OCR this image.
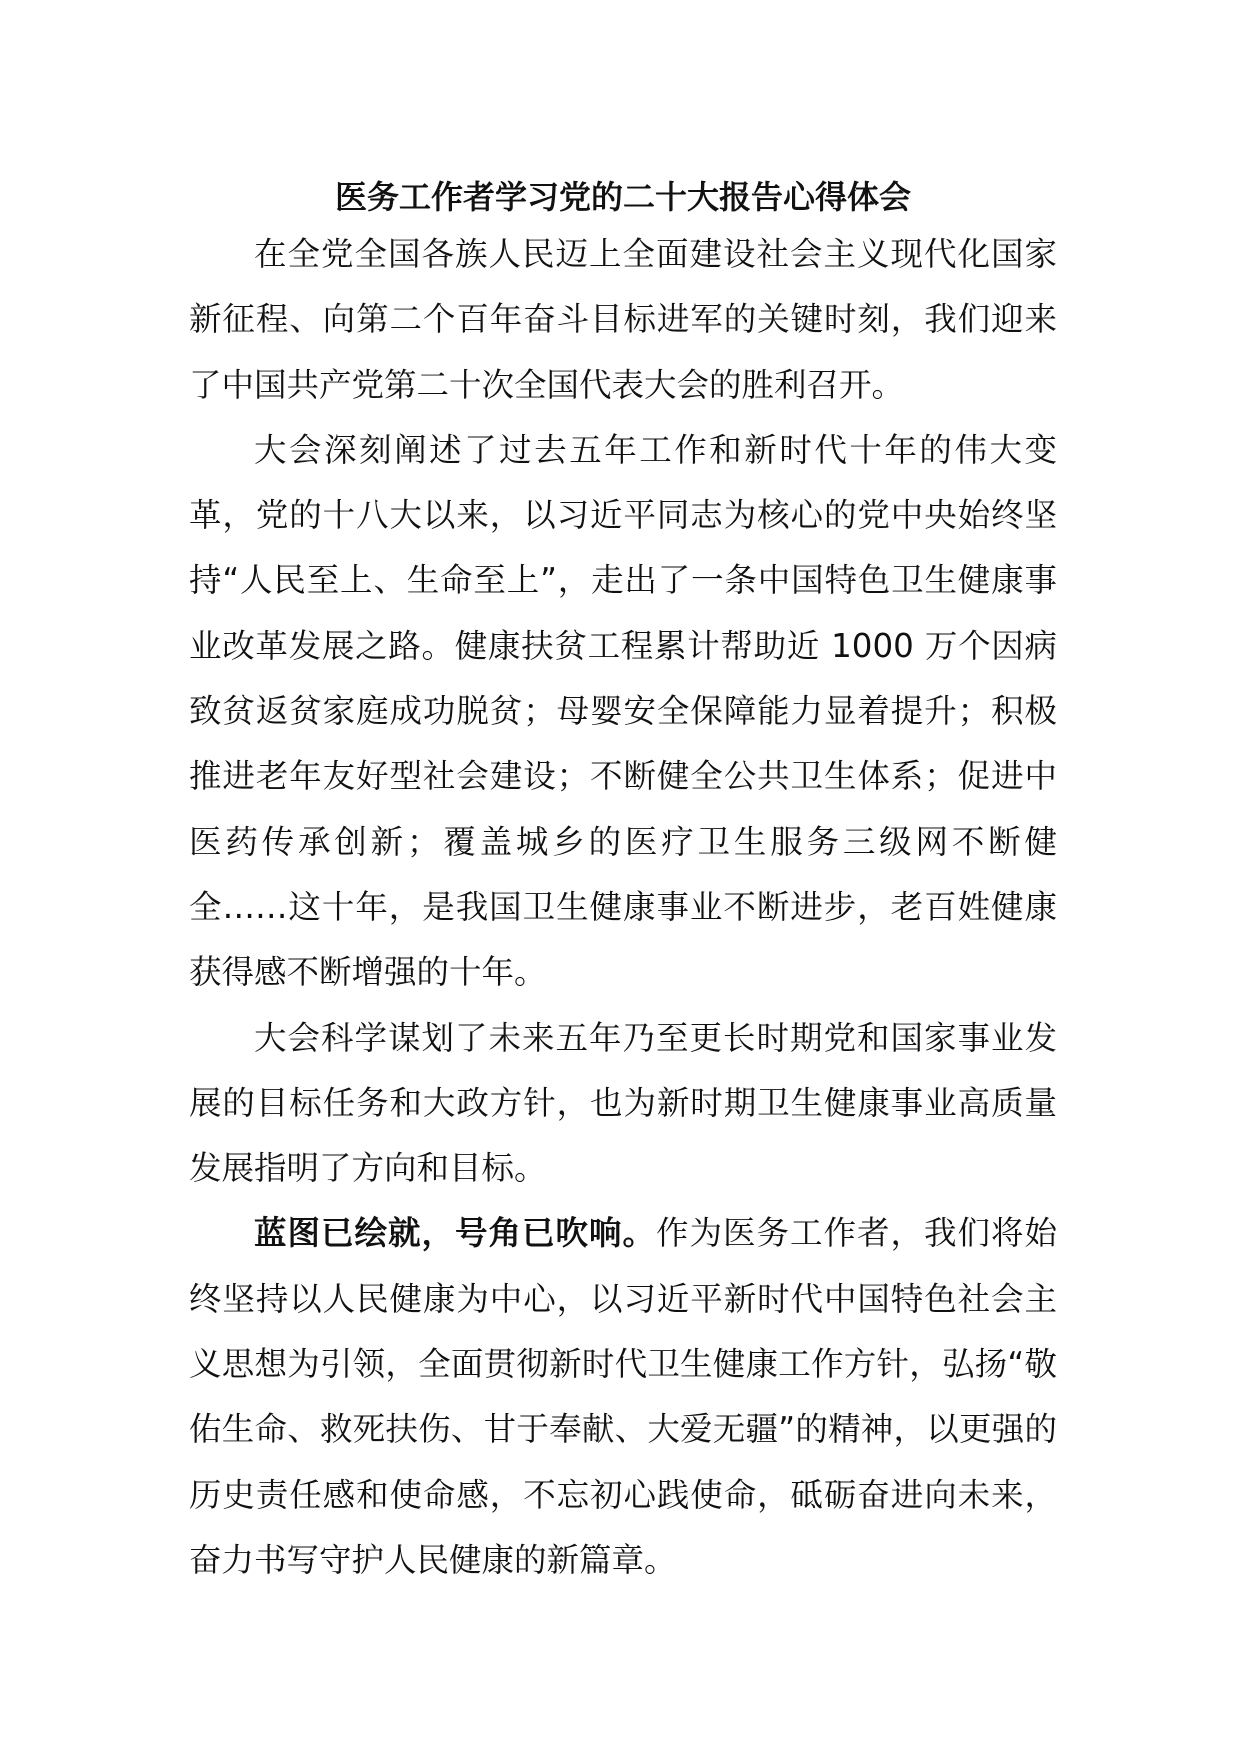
医务工作者学习党的二十大报告心得体会

在全党全国各族人民迈上全面建设社会主义现代化国家新征程、向第二个百年奋斗目标进军的关键时刻，我们迎来了中国共产党第二十次全国代表大会的胜利召开。

大会深刻阐述了过去五年工作和新时代十年的伟大变革，党的十八大以来，以习近平同志为核心的党中央始终坚持“人民至上、生命至上”，走出了一条中国特色卫生健康事业改革发展之路。健康扶贫工程累计帮助近 1000 万个因病致贫返贫家庭成功脱贫；母婴安全保障能力显着提升；积极推进老年友好型社会建设；不断健全公共卫生体系；促进中医药传承创新；覆盖城乡的医疗卫生服务三级网不断健全……这十年，是我国卫生健康事业不断进步，老百姓健康获得感不断增强的十年。

大会科学谋划了未来五年乃至更长时期党和国家事业发展的目标任务和大政方针，也为新时期卫生健康事业高质量发展指明了方向和目标。

蓝图已绘就，号角已吹响。作为医务工作者，我们将始终坚持以人民健康为中心，以习近平新时代中国特色社会主义思想为引领，全面贯彻新时代卫生健康工作方针，弘扬“敬佑生命、救死扶伤、甘于奉献、大爱无疆”的精神，以更强的历史责任感和使命感，不忘初心践使命，砥砺奋进向未来，奋力书写守护人民健康的新篇章。
